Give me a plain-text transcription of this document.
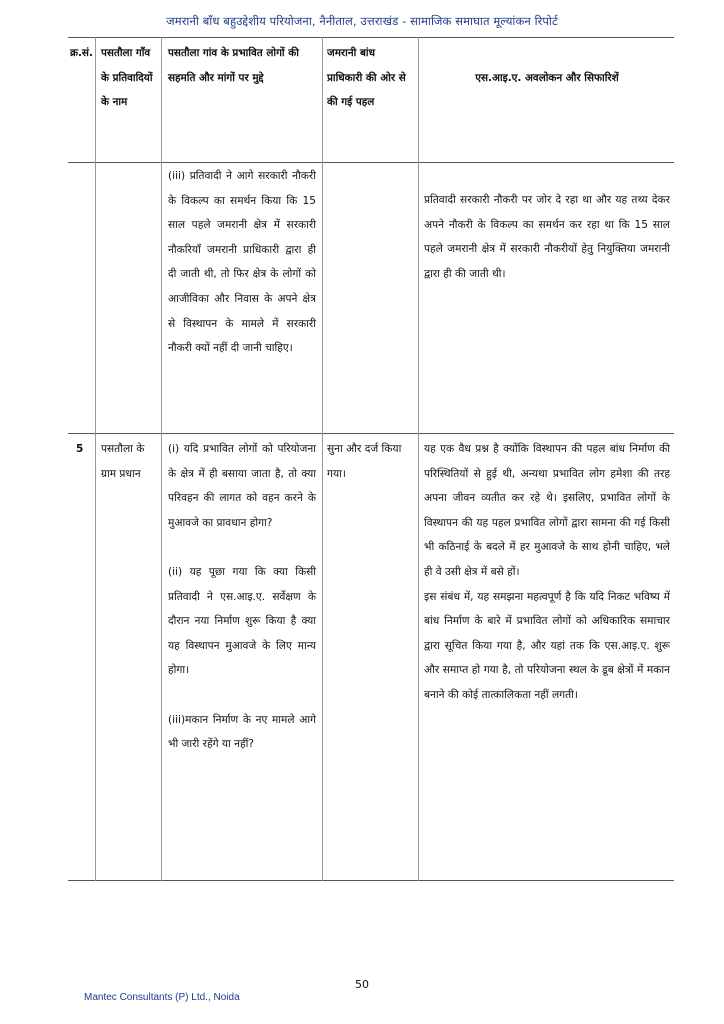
जमरानी बाँध बहुउद्देशीय परियोजना, नैनीताल, उत्तराखंड - सामाजिक समाघात मूल्यांकन रिपोर्ट
क्र.सं. पसतौला गाँव के प्रतिवादियों के नाम
पसतौला गांव के प्रभावित लोगों की सहमति और मांगों पर मुद्दे
जमरानी बांध प्राधिकारी की ओर से की गई पहल
एस.आइ.ए. अवलोकन और सिफारिशें
(iii) प्रतिवादी ने आगे सरकारी नौकरी के विकल्प का समर्थन किया कि 15 साल पहले जमरानी क्षेत्र में सरकारी नौकरियाँ जमरानी प्राधिकारी द्वारा ही दी जाती थी, तो फिर क्षेत्र के लोगों को आजीविका और निवास के अपने क्षेत्र से विस्थापन के मामले में सरकारी नौकरी क्यों नहीं दी जानी चाहिए।
प्रतिवादी सरकारी नौकरी पर जोर दे रहा था और यह तथ्य देकर अपने नौकरी के विकल्प का समर्थन कर रहा था कि 15 साल पहले जमरानी क्षेत्र में सरकारी नौकरीयों हेतु नियुक्तिया जमरानी द्वारा ही की जाती थी।
5	पसतौला के ग्राम प्रधान

(i) यदि प्रभावित लोगों को परियोजना के क्षेत्र में ही बसाया जाता है, तो क्या परिवहन की लागत को वहन करने के मुआवजे का प्रावधान होगा?

(ii) यह पूछा गया कि क्या किसी प्रतिवादी ने एस.आइ.ए. सर्वेक्षण के दौरान नया निर्माण शुरू किया है क्या यह विस्थापन मुआवजे के लिए मान्य होगा।

(iii)मकान निर्माण के नए मामले आगे भी जारी रहेंगे या नहीं?

सुना और दर्ज किया गया।

यह एक वैध प्रश्न है क्योंकि विस्थापन की पहल बांध निर्माण की परिस्थितियों से हुई थी, अन्यथा प्रभावित लोग हमेशा की तरह अपना जीवन व्यतीत कर रहे थे। इसलिए, प्रभावित लोगों के विस्थापन की यह पहल प्रभावित लोगों द्वारा सामना की गई किसी भी कठिनाई के बदले में हर मुआवजे के साथ होनी चाहिए, भले ही वे उसी क्षेत्र में बसे हों।

इस संबंध में, यह समझना महत्वपूर्ण है कि यदि निकट भविष्य में बांध निर्माण के बारे में प्रभावित लोगों को अधिकारिक समाचार द्वारा सूचित किया गया है, और यहां तक कि एस.आइ.ए. शुरू और समाप्त हो गया है, तो परियोजना स्थल के डूब क्षेत्रों में मकान बनाने की कोई तात्कालिकता नहीं लगती।

50
Mantec Consultants (P) Ltd., Noida
